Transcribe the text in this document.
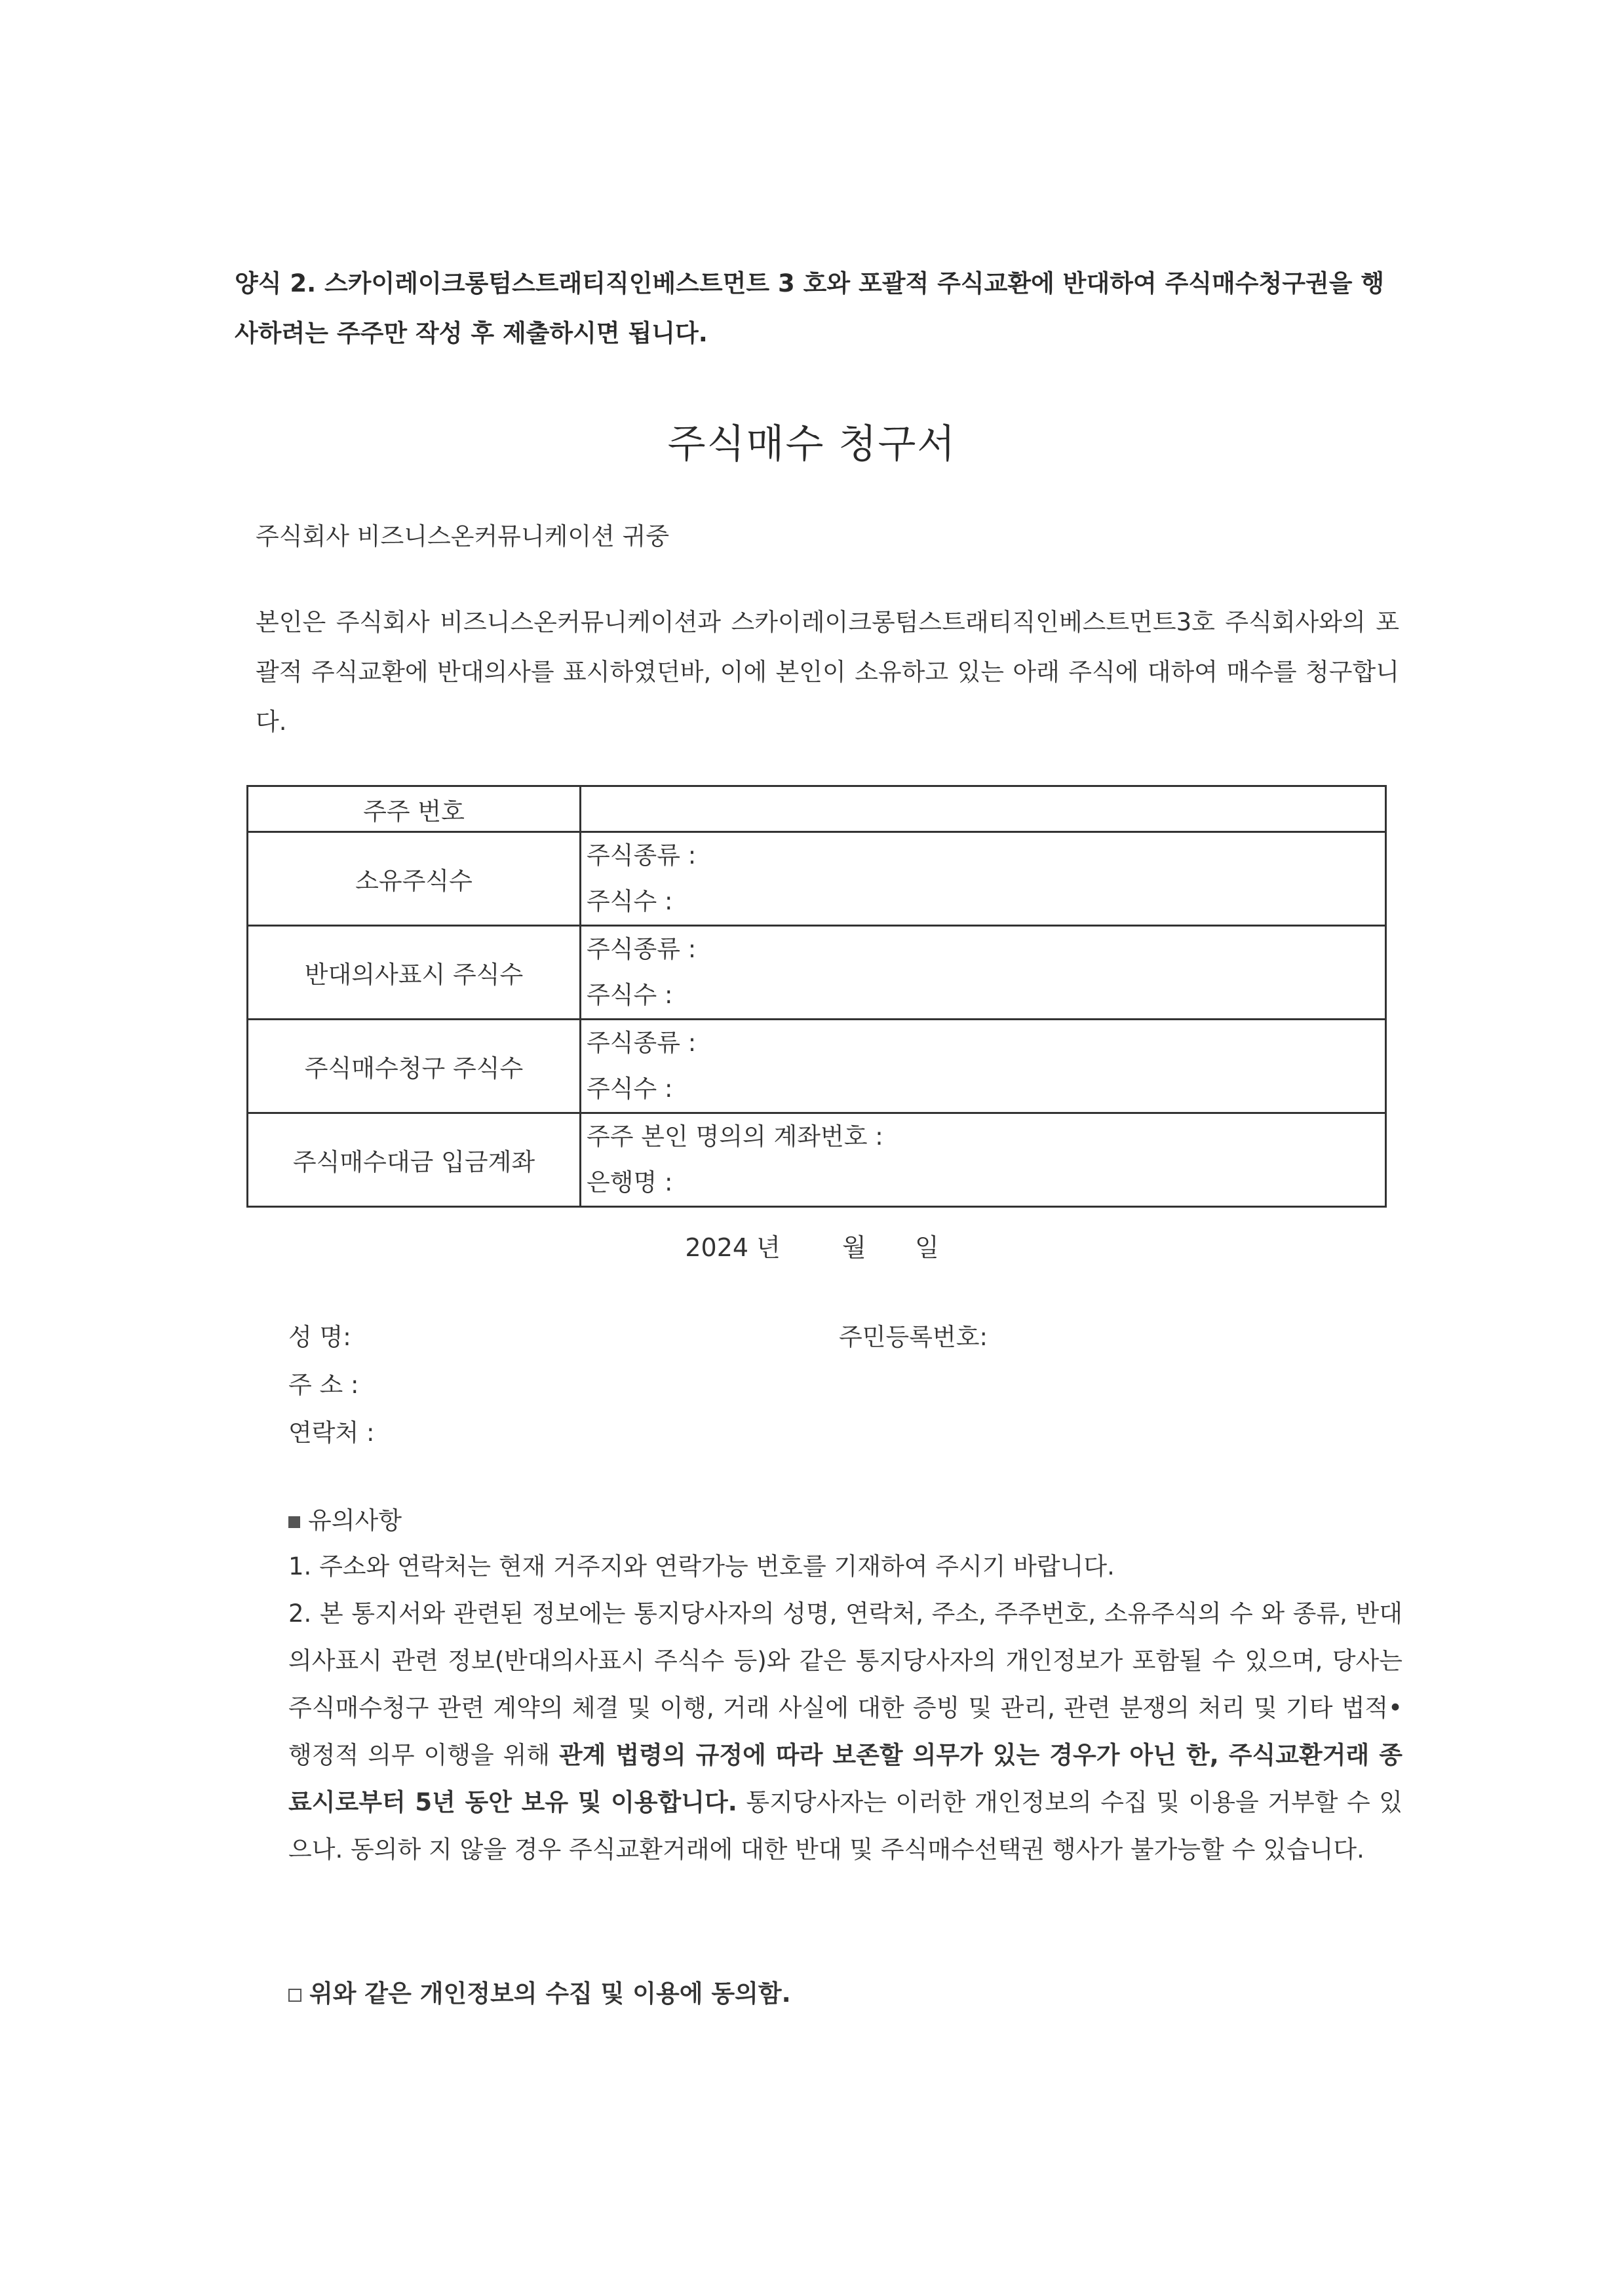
양식 2. 스카이레이크롱텀스트래티직인베스트먼트 3 호와 포괄적 주식교환에 반대하여 주식매수청구권을 행사하려는 주주만 작성 후 제출하시면 됩니다.
주식매수 청구서
주식회사 비즈니스온커뮤니케이션 귀중
본인은 주식회사 비즈니스온커뮤니케이션과 스카이레이크롱텀스트래티직인베스트먼트3호 주식회사와의 포괄적 주식교환에 반대의사를 표시하였던바, 이에 본인이 소유하고 있는 아래 주식에 대하여 매수를 청구합니다.
주주 번호	
소유주식수	주식종류 :
주식수 :

반대의사표시 주식수	주식종류 :
주식수 :

주식매수청구 주식수	주식종류 :
주식수 :

주식매수대금 입금계좌	주주 본인 명의의 계좌번호 :
은행명 :
2024 년 월 일
성 명:	주민등록번호:
주 소 :
연락처 :
유의사항

1. 주소와 연락처는 현재 거주지와 연락가능 번호를 기재하여 주시기 바랍니다.

2. 본 통지서와 관련된 정보에는 통지당사자의 성명, 연락처, 주소, 주주번호, 소유주식의 수 와 종류, 반대의사표시 관련 정보(반대의사표시 주식수 등)와 같은 통지당사자의 개인정보가 포함될 수 있으며, 당사는 주식매수청구 관련 계약의 체결 및 이행, 거래 사실에 대한 증빙 및 관리, 관련 분쟁의 처리 및 기타 법적•행정적 의무 이행을 위해 관계 법령의 규정에 따라 보존할 의무가 있는 경우가 아닌 한, 주식교환거래 종료시로부터 5년 동안 보유 및 이용합니다. 통지당사자는 이러한 개인정보의 수집 및 이용을 거부할 수 있으나. 동의하 지 않을 경우 주식교환거래에 대한 반대 및 주식매수선택권 행사가 불가능할 수 있습니다.

위와 같은 개인정보의 수집 및 이용에 동의함.
